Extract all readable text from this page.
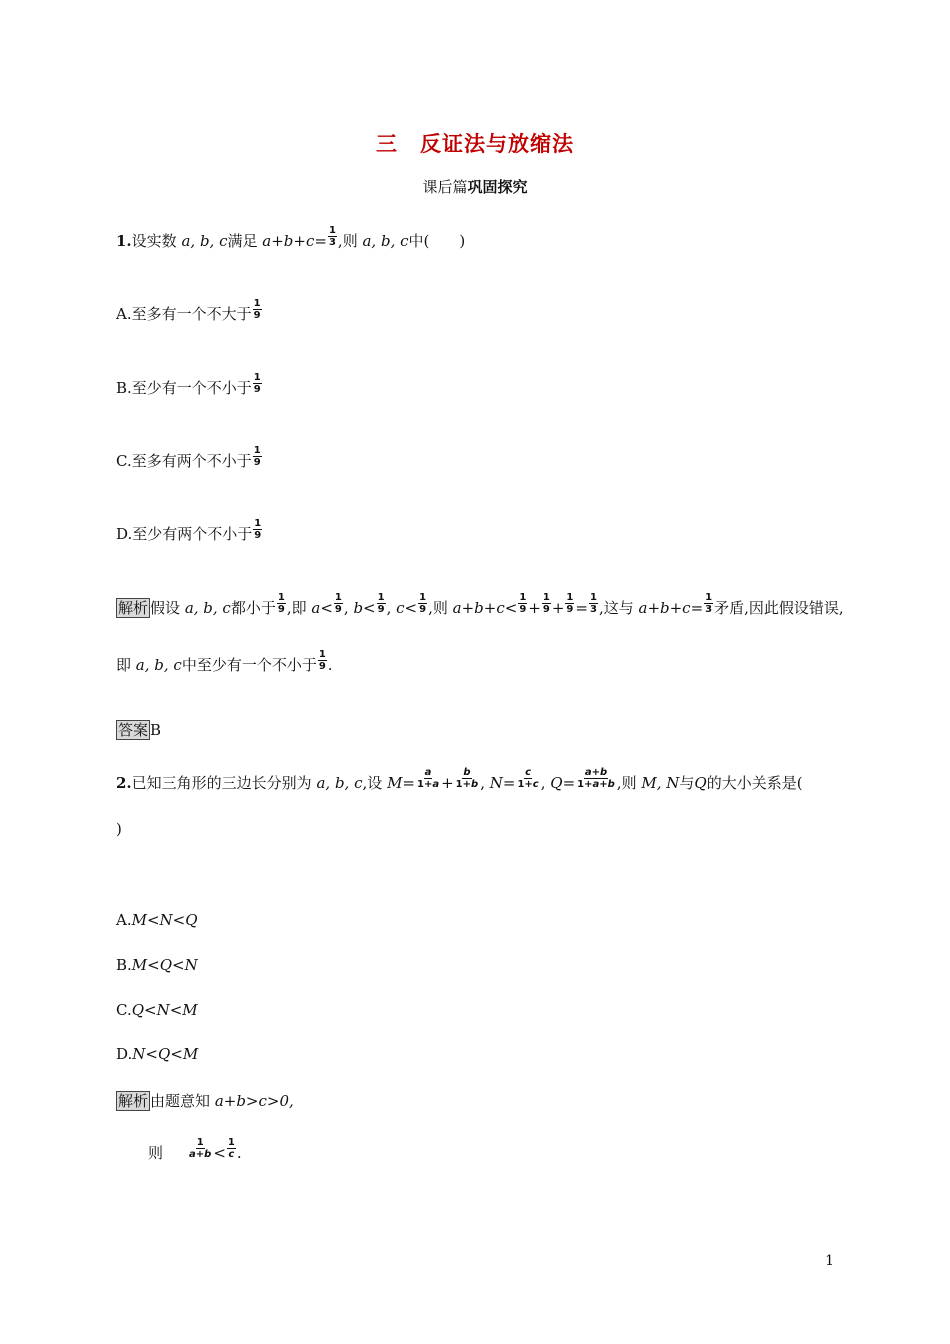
三　反证法与放缩法
课后篇巩固探究
1.设实数 a, b, c满足 $a+b+c= \frac{1}{3}$ ,则 a, b, c中(　　)
A.至多有一个不大于 $\frac{1}{9}$
B.至少有一个不小于 $\frac{1}{9}$
C.至多有两个不小于 $\frac{1}{9}$
D.至少有两个不小于 $\frac{1}{9}$
解析 假设 a, b, c都小于 $\frac{1}{9}$ ,即 $a< \frac{1}{9}$ , $b< \frac{1}{9}$ , $c< \frac{1}{9}$ ,则 $a+b+c< \frac{1}{9} + \frac{1}{9} + \frac{1}{9} = \frac{1}{3}$ ,这与 $a+b+c= \frac{1}{3}$ 矛盾,因此假设错误,
即 a, b, c中至少有一个不小于 $\frac{1}{9}$ .
答案 B
2.已知三角形的三边长分别为 a, b, c,设 $M= \frac{a}{1+a} + \frac{b}{1+b}$ , $N= \frac{c}{1+c}$ , $Q= \frac{a+b}{1+a+b}$ ,则 M, N与Q的大小关系是(
)
A.M<N<Q
B.M<Q<N
C.Q<N<M
D.N<Q<M
解析 由题意知 a+b>c>0,
则	$\frac{1}{a+b} < \frac{1}{c}$ .
1
